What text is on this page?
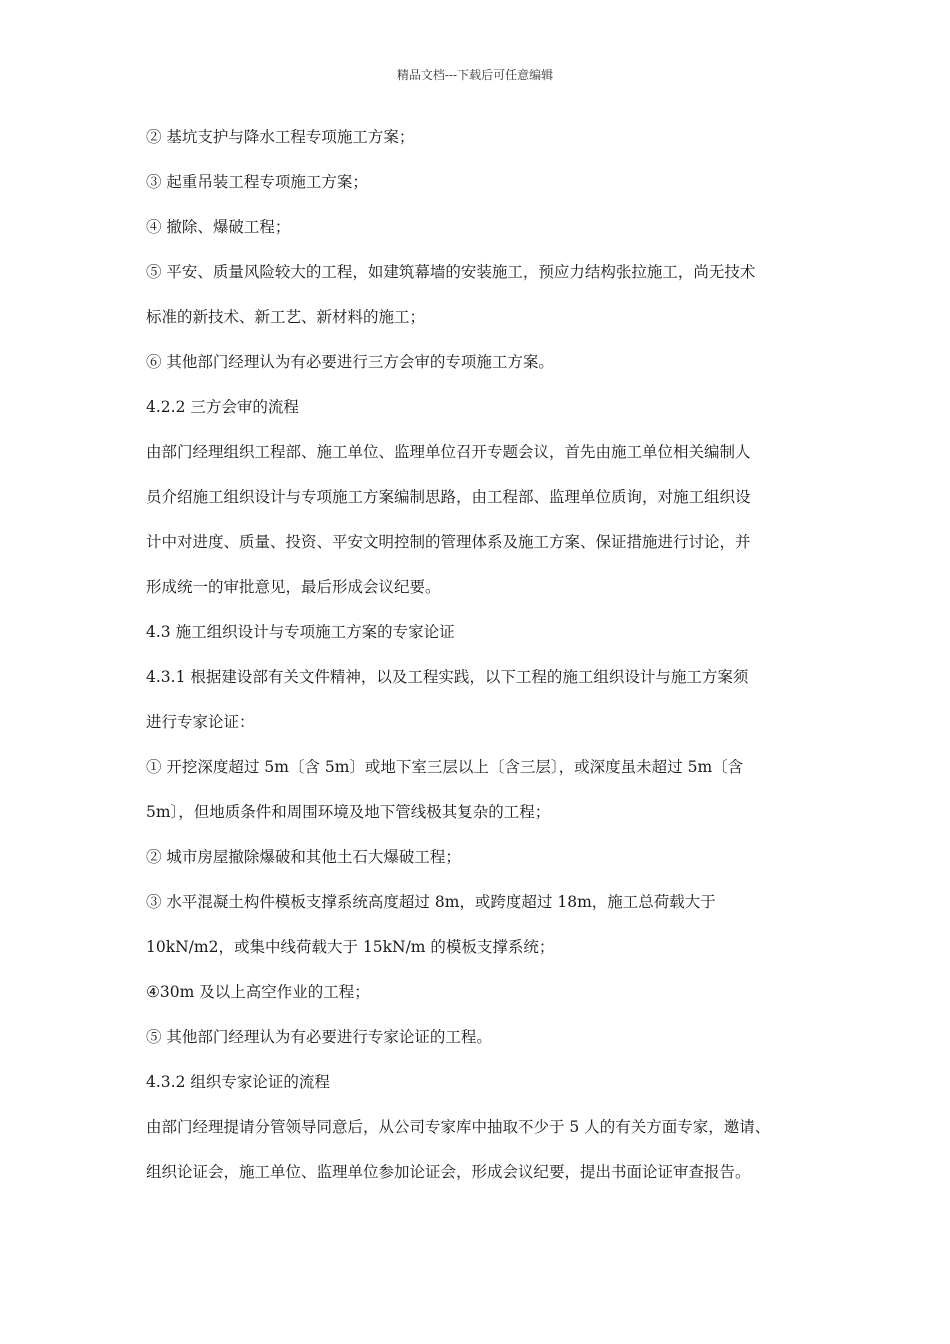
精品文档---下载后可任意编辑
② 基坑支护与降水工程专项施工方案；
③ 起重吊装工程专项施工方案；
④ 撤除、爆破工程；
⑤ 平安、质量风险较大的工程，如建筑幕墙的安装施工，预应力结构张拉施工，尚无技术
标准的新技术、新工艺、新材料的施工；
⑥ 其他部门经理认为有必要进行三方会审的专项施工方案。
4.2.2 三方会审的流程
由部门经理组织工程部、施工单位、监理单位召开专题会议，首先由施工单位相关编制人
员介绍施工组织设计与专项施工方案编制思路，由工程部、监理单位质询，对施工组织设
计中对进度、质量、投资、平安文明控制的管理体系及施工方案、保证措施进行讨论，并
形成统一的审批意见，最后形成会议纪要。
4.3 施工组织设计与专项施工方案的专家论证
4.3.1 根据建设部有关文件精神，以及工程实践，以下工程的施工组织设计与施工方案须
进行专家论证：
① 开挖深度超过 5m〔含 5m〕或地下室三层以上〔含三层〕，或深度虽未超过 5m〔含
5m〕，但地质条件和周围环境及地下管线极其复杂的工程；
② 城市房屋撤除爆破和其他土石大爆破工程；
③ 水平混凝土构件模板支撑系统高度超过 8m，或跨度超过 18m，施工总荷载大于
10kN/m2，或集中线荷载大于 15kN/m 的模板支撑系统；
④30m 及以上高空作业的工程；
⑤ 其他部门经理认为有必要进行专家论证的工程。
4.3.2 组织专家论证的流程
由部门经理提请分管领导同意后，从公司专家库中抽取不少于 5 人的有关方面专家，邀请、
组织论证会，施工单位、监理单位参加论证会，形成会议纪要，提出书面论证审查报告。
